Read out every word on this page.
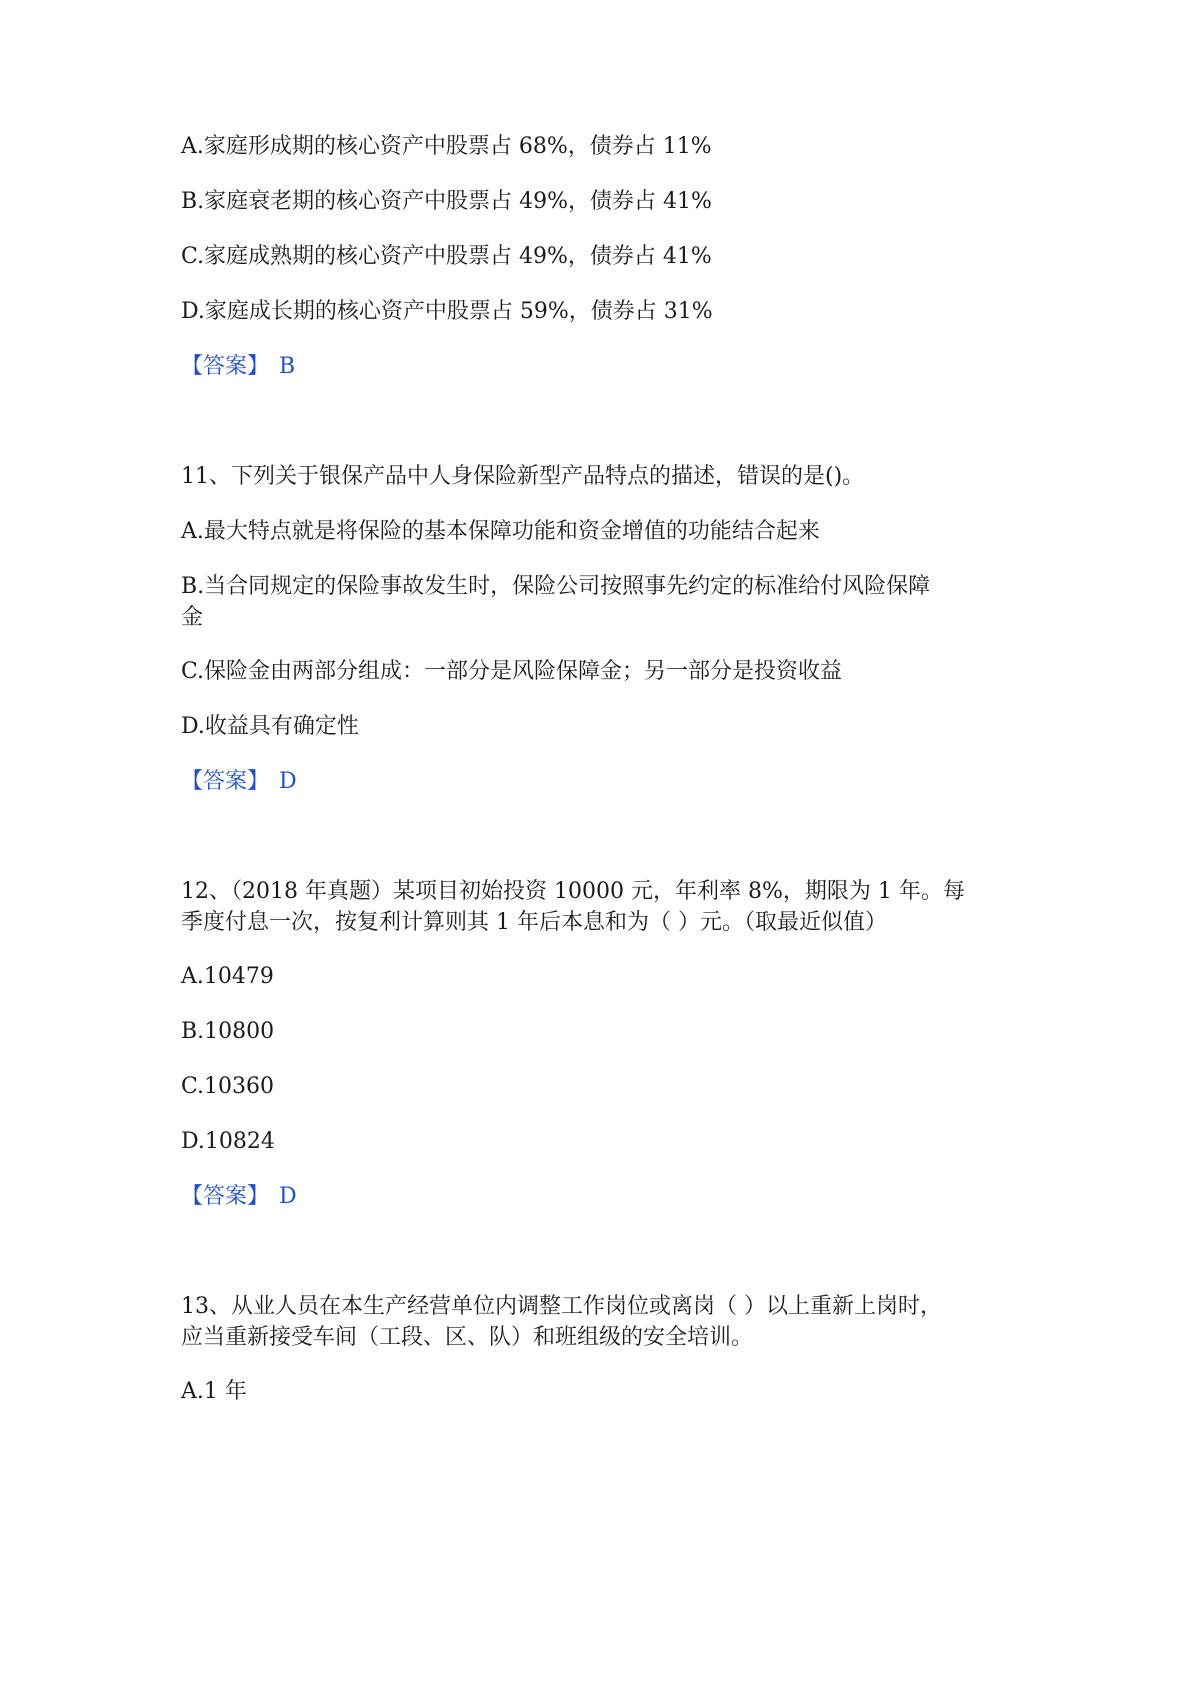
A.家庭形成期的核心资产中股票占 68%，债券占 11%
B.家庭衰老期的核心资产中股票占 49%，债券占 41%
C.家庭成熟期的核心资产中股票占 49%，债券占 41%
D.家庭成长期的核心资产中股票占 59%，债券占 31%
【答案】 B
11、下列关于银保产品中人身保险新型产品特点的描述，错误的是()。
A.最大特点就是将保险的基本保障功能和资金增值的功能结合起来
B.当合同规定的保险事故发生时，保险公司按照事先约定的标准给付风险保障
金
C.保险金由两部分组成：一部分是风险保障金；另一部分是投资收益
D.收益具有确定性
【答案】 D
12、（2018 年真题）某项目初始投资 10000 元，年利率 8%，期限为 1 年。每
季度付息一次，按复利计算则其 1 年后本息和为（ ）元。（取最近似值）
A.10479
B.10800
C.10360
D.10824
【答案】 D
13、从业人员在本生产经营单位内调整工作岗位或离岗（ ）以上重新上岗时，
应当重新接受车间（工段、区、队）和班组级的安全培训。
A.1 年
